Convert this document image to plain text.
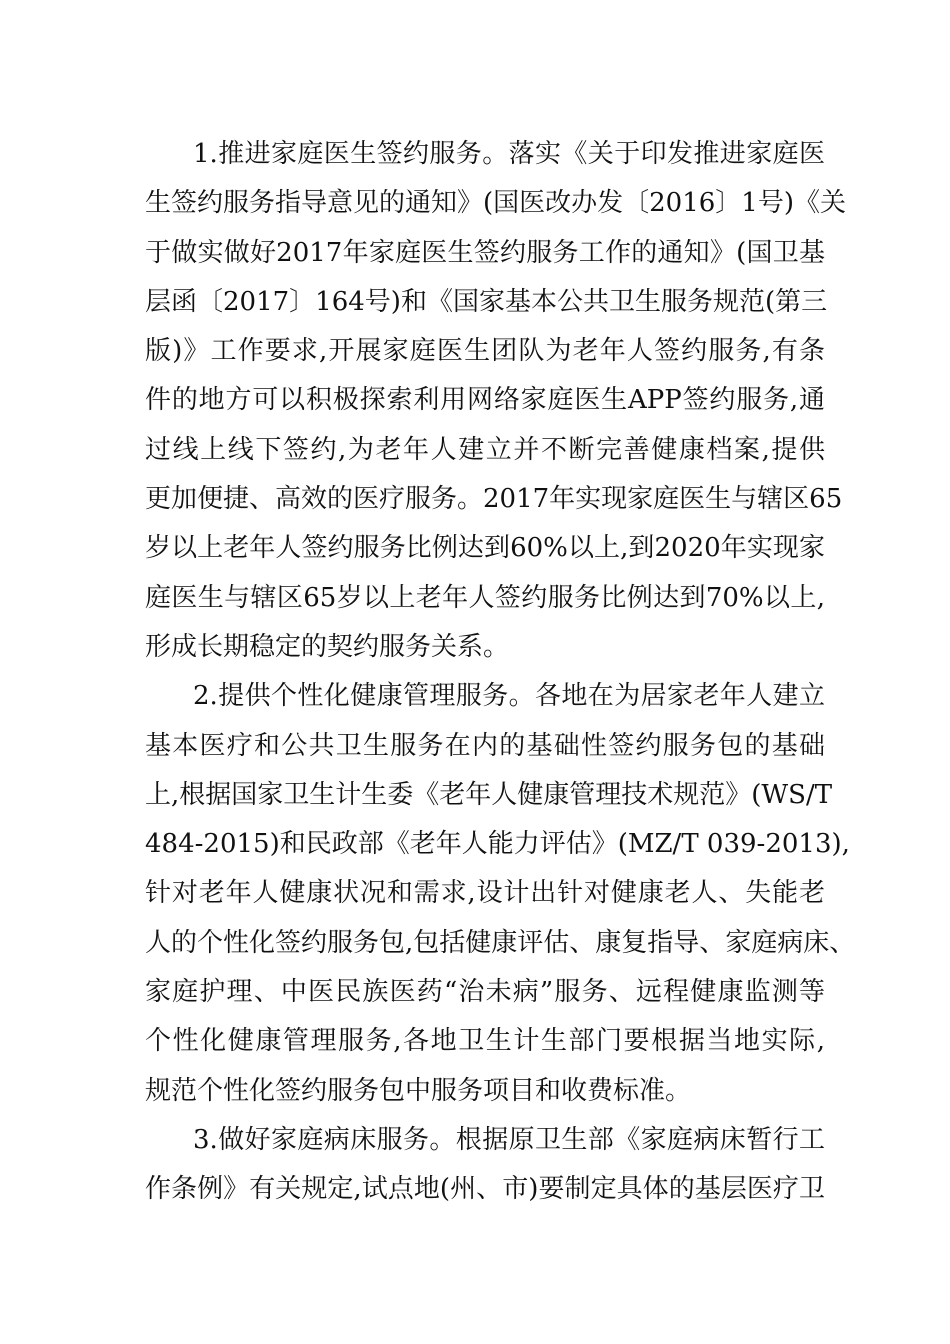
1.推进家庭医生签约服务。落实《关于印发推进家庭医
生签约服务指导意见的通知》(国医改办发〔2016〕1号)《关
于做实做好2017年家庭医生签约服务工作的通知》(国卫基
层函〔2017〕164号)和《国家基本公共卫生服务规范(第三
版)》工作要求,开展家庭医生团队为老年人签约服务,有条
件的地方可以积极探索利用网络家庭医生APP签约服务,通
过线上线下签约,为老年人建立并不断完善健康档案,提供
更加便捷、高效的医疗服务。2017年实现家庭医生与辖区65
岁以上老年人签约服务比例达到60%以上,到2020年实现家
庭医生与辖区65岁以上老年人签约服务比例达到70%以上,
形成长期稳定的契约服务关系。
2.提供个性化健康管理服务。各地在为居家老年人建立
基本医疗和公共卫生服务在内的基础性签约服务包的基础
上,根据国家卫生计生委《老年人健康管理技术规范》(WS/T
484-2015)和民政部《老年人能力评估》(MZ/T 039-2013),
针对老年人健康状况和需求,设计出针对健康老人、失能老
人的个性化签约服务包,包括健康评估、康复指导、家庭病床、
家庭护理、中医民族医药“治未病”服务、远程健康监测等
个性化健康管理服务,各地卫生计生部门要根据当地实际,
规范个性化签约服务包中服务项目和收费标准。
3.做好家庭病床服务。根据原卫生部《家庭病床暂行工
作条例》有关规定,试点地(州、市)要制定具体的基层医疗卫
